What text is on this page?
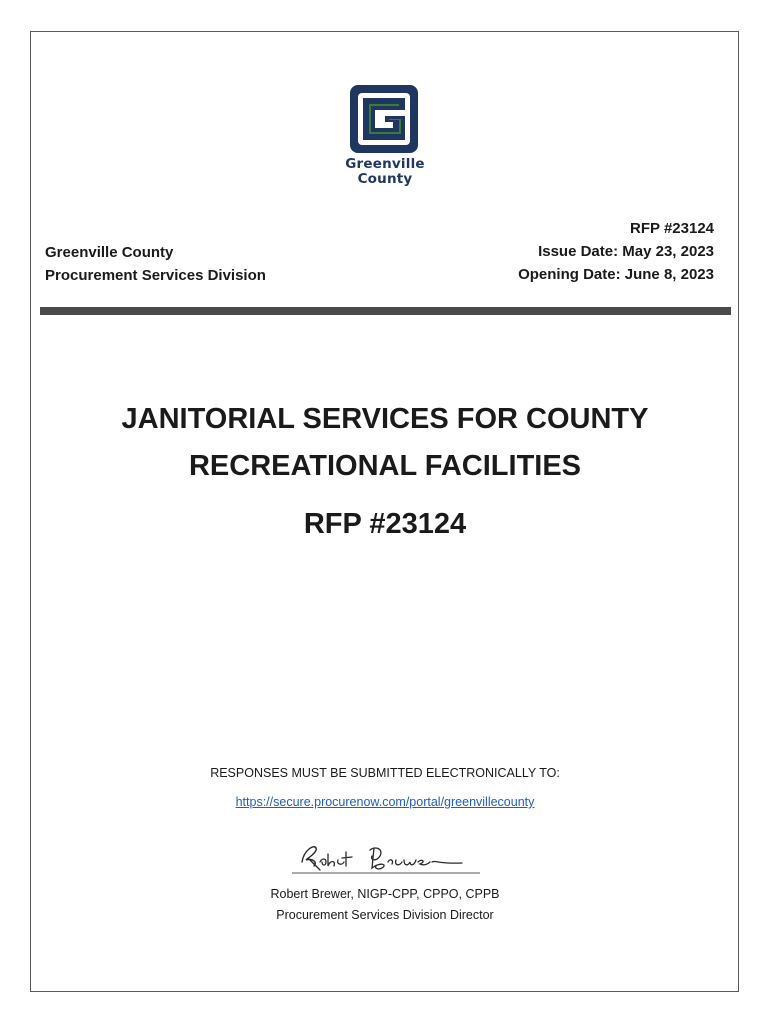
Greenville
County
Greenville County
Procurement Services Division
RFP #23124
Issue Date: May 23, 2023
Opening Date: June 8, 2023
JANITORIAL SERVICES FOR COUNTY
RECREATIONAL FACILITIES
RFP #23124
RESPONSES MUST BE SUBMITTED ELECTRONICALLY TO:
https://secure.procurenow.com/portal/greenvillecounty
Robert Brewer, NIGP-CPP, CPPO, CPPB
Procurement Services Division Director
